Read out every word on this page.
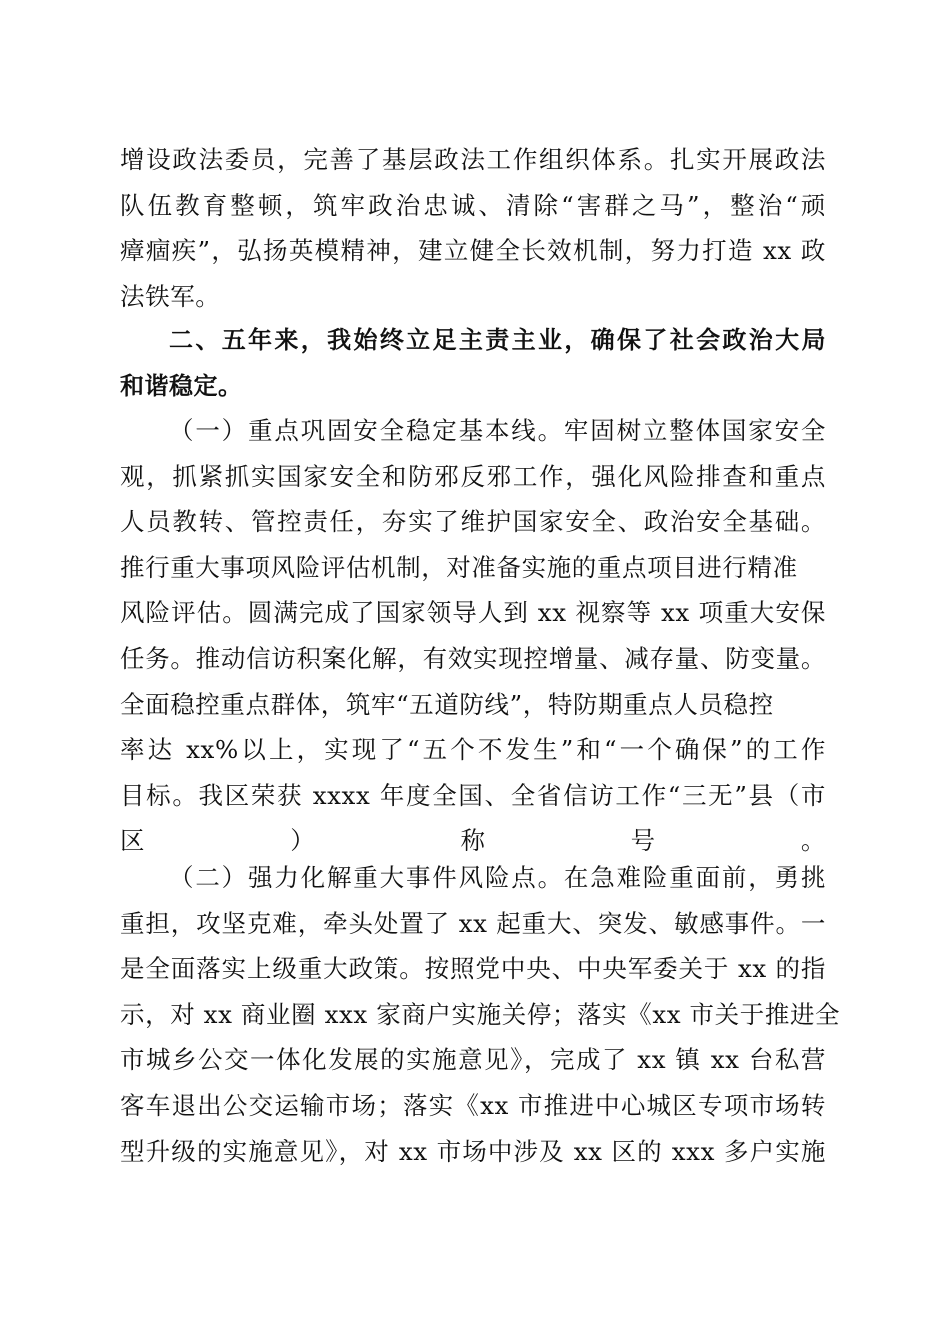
增设政法委员，完善了基层政法工作组织体系。扎实开展政法
队伍教育整顿，筑牢政治忠诚、清除“害群之马”，整治“顽
瘴痼疾”，弘扬英模精神，建立健全长效机制，努力打造 xx 政
法铁军。
二、五年来，我始终立足主责主业，确保了社会政治大局
和谐稳定。
（一）重点巩固安全稳定基本线。牢固树立整体国家安全
观，抓紧抓实国家安全和防邪反邪工作，强化风险排查和重点
人员教转、管控责任，夯实了维护国家安全、政治安全基础。
推行重大事项风险评估机制，对准备实施的重点项目进行精准
风险评估。圆满完成了国家领导人到 xx 视察等 xx 项重大安保
任务。推动信访积案化解，有效实现控增量、减存量、防变量。
全面稳控重点群体，筑牢“五道防线”，特防期重点人员稳控
率达 xx%以上，实现了“五个不发生”和“一个确保”的工作
目标。我区荣获 xxxx 年度全国、全省信访工作“三无”县（市
区）称号。
（二）强力化解重大事件风险点。在急难险重面前，勇挑
重担，攻坚克难，牵头处置了 xx 起重大、突发、敏感事件。一
是全面落实上级重大政策。按照党中央、中央军委关于 xx 的指
示，对 xx 商业圈 xxx 家商户实施关停；落实《xx 市关于推进全
市城乡公交一体化发展的实施意见》，完成了 xx 镇 xx 台私营
客车退出公交运输市场；落实《xx 市推进中心城区专项市场转
型升级的实施意见》，对 xx 市场中涉及 xx 区的 xxx 多户实施
